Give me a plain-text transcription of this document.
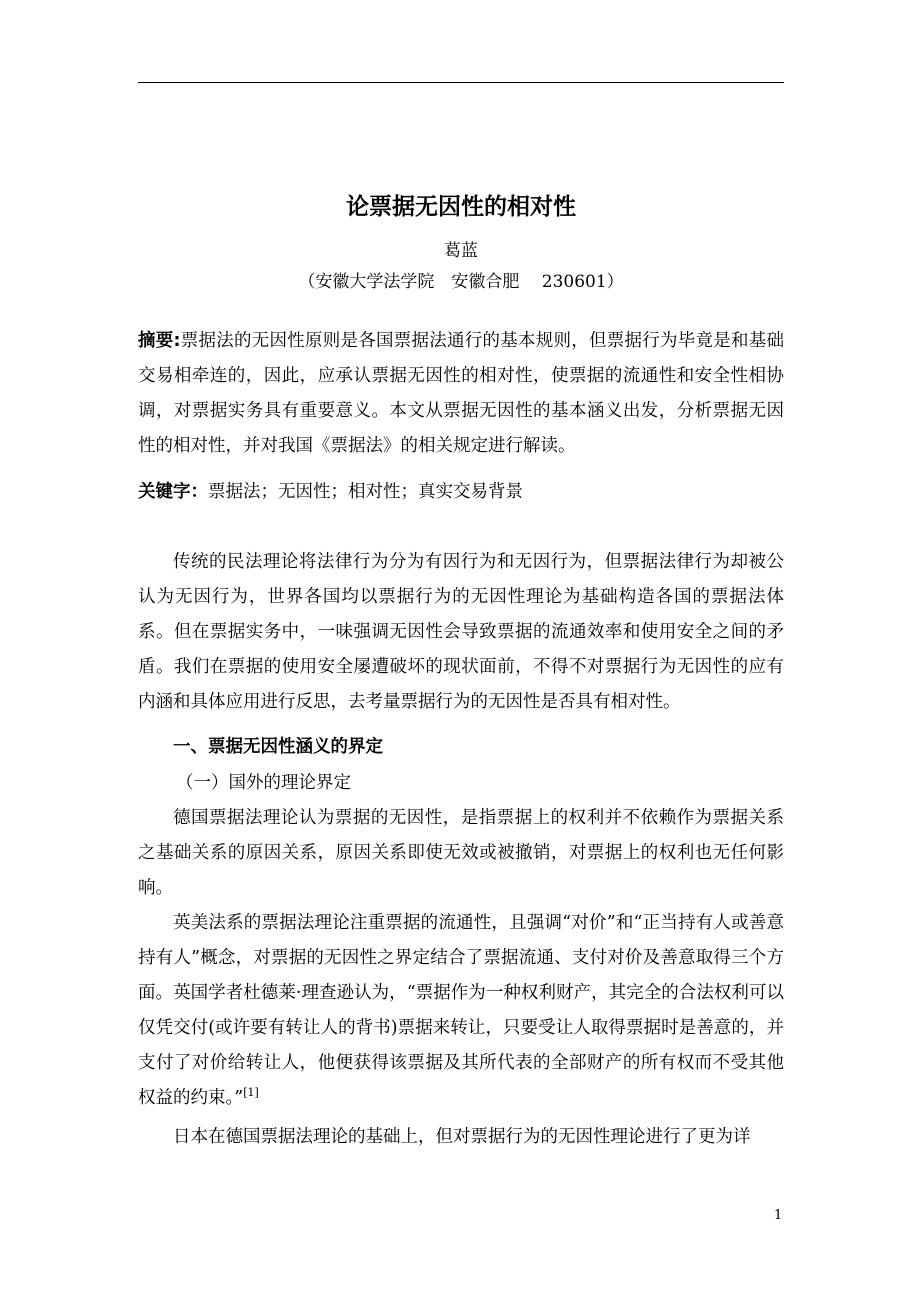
论票据无因性的相对性
葛蓝
（安徽大学法学院　安徽合肥　 230601）

摘要:票据法的无因性原则是各国票据法通行的基本规则，但票据行为毕竟是和基础交易相牵连的，因此，应承认票据无因性的相对性，使票据的流通性和安全性相协调，对票据实务具有重要意义。本文从票据无因性的基本涵义出发，分析票据无因性的相对性，并对我国《票据法》的相关规定进行解读。

关键字：票据法；无因性；相对性；真实交易背景

传统的民法理论将法律行为分为有因行为和无因行为，但票据法律行为却被公认为无因行为，世界各国均以票据行为的无因性理论为基础构造各国的票据法体系。但在票据实务中，一味强调无因性会导致票据的流通效率和使用安全之间的矛盾。我们在票据的使用安全屡遭破坏的现状面前，不得不对票据行为无因性的应有内涵和具体应用进行反思，去考量票据行为的无因性是否具有相对性。

一、票据无因性涵义的界定
（一）国外的理论界定

德国票据法理论认为票据的无因性，是指票据上的权利并不依赖作为票据关系之基础关系的原因关系，原因关系即使无效或被撤销，对票据上的权利也无任何影响。

英美法系的票据法理论注重票据的流通性，且强调“对价”和“正当持有人或善意持有人”概念，对票据的无因性之界定结合了票据流通、支付对价及善意取得三个方面。英国学者杜德莱·理查逊认为，“票据作为一种权利财产，其完全的合法权利可以仅凭交付(或许要有转让人的背书)票据来转让，只要受让人取得票据时是善意的，并支付了对价给转让人，他便获得该票据及其所代表的全部财产的所有权而不受其他权益的约束。”[1]

日本在德国票据法理论的基础上，但对票据行为的无因性理论进行了更为详

1
